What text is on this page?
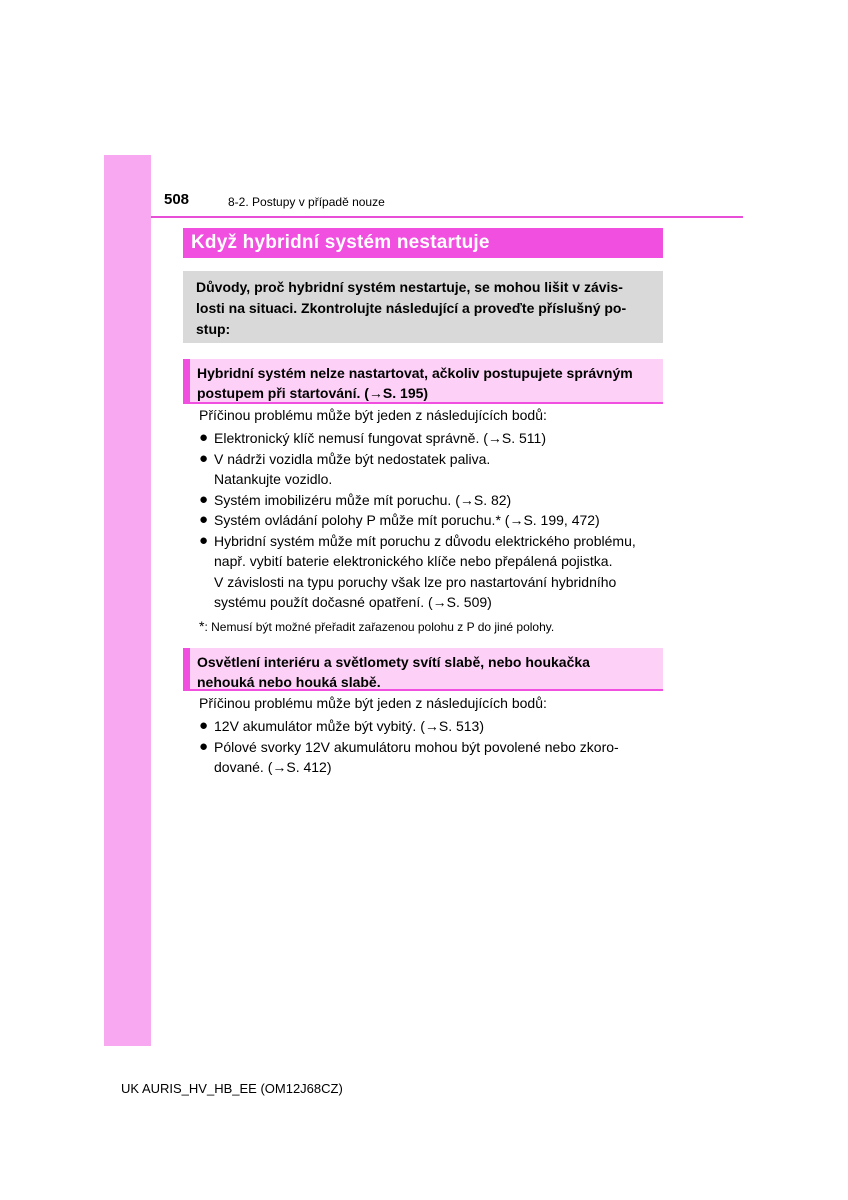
508	8-2. Postupy v případě nouze
Když hybridní systém nestartuje
Důvody, proč hybridní systém nestartuje, se mohou lišit v závis-
losti na situaci. Zkontrolujte následující a proveďte příslušný po-
stup:
Hybridní systém nelze nastartovat, ačkoliv postupujete správným
postupem při startování. (→S. 195)
Příčinou problému může být jeden z následujících bodů:
● Elektronický klíč nemusí fungovat správně. (→S. 511)
● V nádrži vozidla může být nedostatek paliva.
Natankujte vozidlo.
● Systém imobilizéru může mít poruchu. (→S. 82)
● Systém ovládání polohy P může mít poruchu.* (→S. 199, 472)
● Hybridní systém může mít poruchu z důvodu elektrického problému,
např. vybití baterie elektronického klíče nebo přepálená pojistka.
V závislosti na typu poruchy však lze pro nastartování hybridního
systému použít dočasné opatření. (→S. 509)
*: Nemusí být možné přeřadit zařazenou polohu z P do jiné polohy.
Osvětlení interiéru a světlomety svítí slabě, nebo houkačka
nehouká nebo houká slabě.
Příčinou problému může být jeden z následujících bodů:
● 12V akumulátor může být vybitý. (→S. 513)
● Pólové svorky 12V akumulátoru mohou být povolené nebo zkoro-
dované. (→S. 412)
UK AURIS_HV_HB_EE (OM12J68CZ)
